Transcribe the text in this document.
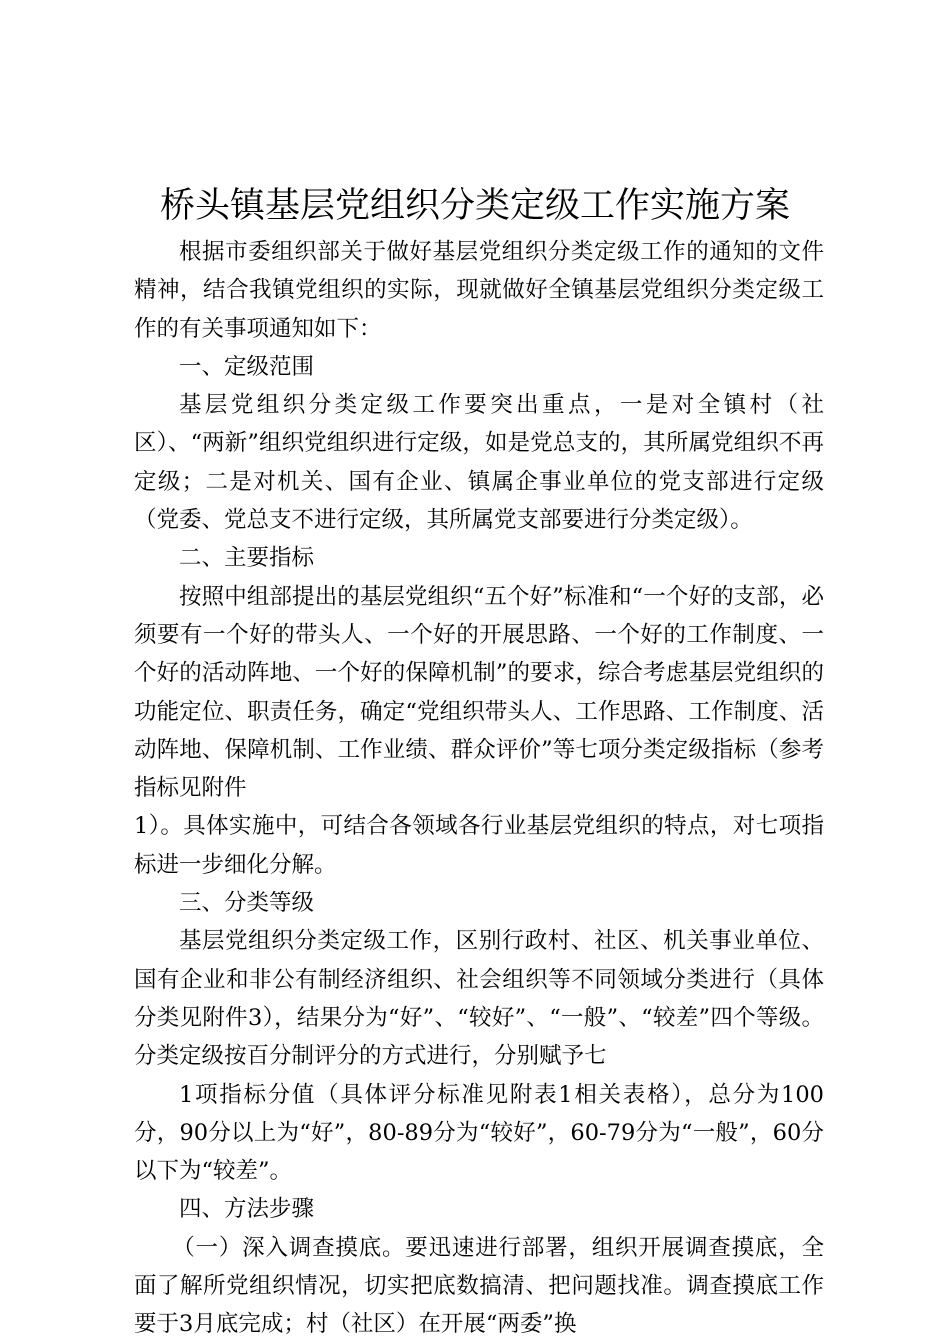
桥头镇基层党组织分类定级工作实施方案

根据市委组织部关于做好基层党组织分类定级工作的通知的文件精神，结合我镇党组织的实际，现就做好全镇基层党组织分类定级工作的有关事项通知如下：

一、定级范围

基层党组织分类定级工作要突出重点，一是对全镇村（社区）、“两新”组织党组织进行定级，如是党总支的，其所属党组织不再定级；二是对机关、国有企业、镇属企事业单位的党支部进行定级（党委、党总支不进行定级，其所属党支部要进行分类定级）。

二、主要指标

按照中组部提出的基层党组织“五个好”标准和“一个好的支部，必须要有一个好的带头人、一个好的开展思路、一个好的工作制度、一个好的活动阵地、一个好的保障机制”的要求，综合考虑基层党组织的功能定位、职责任务，确定“党组织带头人、工作思路、工作制度、活动阵地、保障机制、工作业绩、群众评价”等七项分类定级指标（参考指标见附件

1）。具体实施中，可结合各领域各行业基层党组织的特点，对七项指标进一步细化分解。

三、分类等级

基层党组织分类定级工作，区别行政村、社区、机关事业单位、国有企业和非公有制经济组织、社会组织等不同领域分类进行（具体分类见附件3），结果分为“好”、“较好”、“一般”、“较差”四个等级。分类定级按百分制评分的方式进行，分别赋予七

1项指标分值（具体评分标准见附表1相关表格），总分为100分，90分以上为“好”，80-89分为“较好”，60-79分为“一般”，60分以下为“较差”。

四、方法步骤

（一）深入调查摸底。要迅速进行部署，组织开展调查摸底，全面了解所党组织情况，切实把底数搞清、把问题找准。调查摸底工作要于3月底完成；村（社区）在开展“两委”换
